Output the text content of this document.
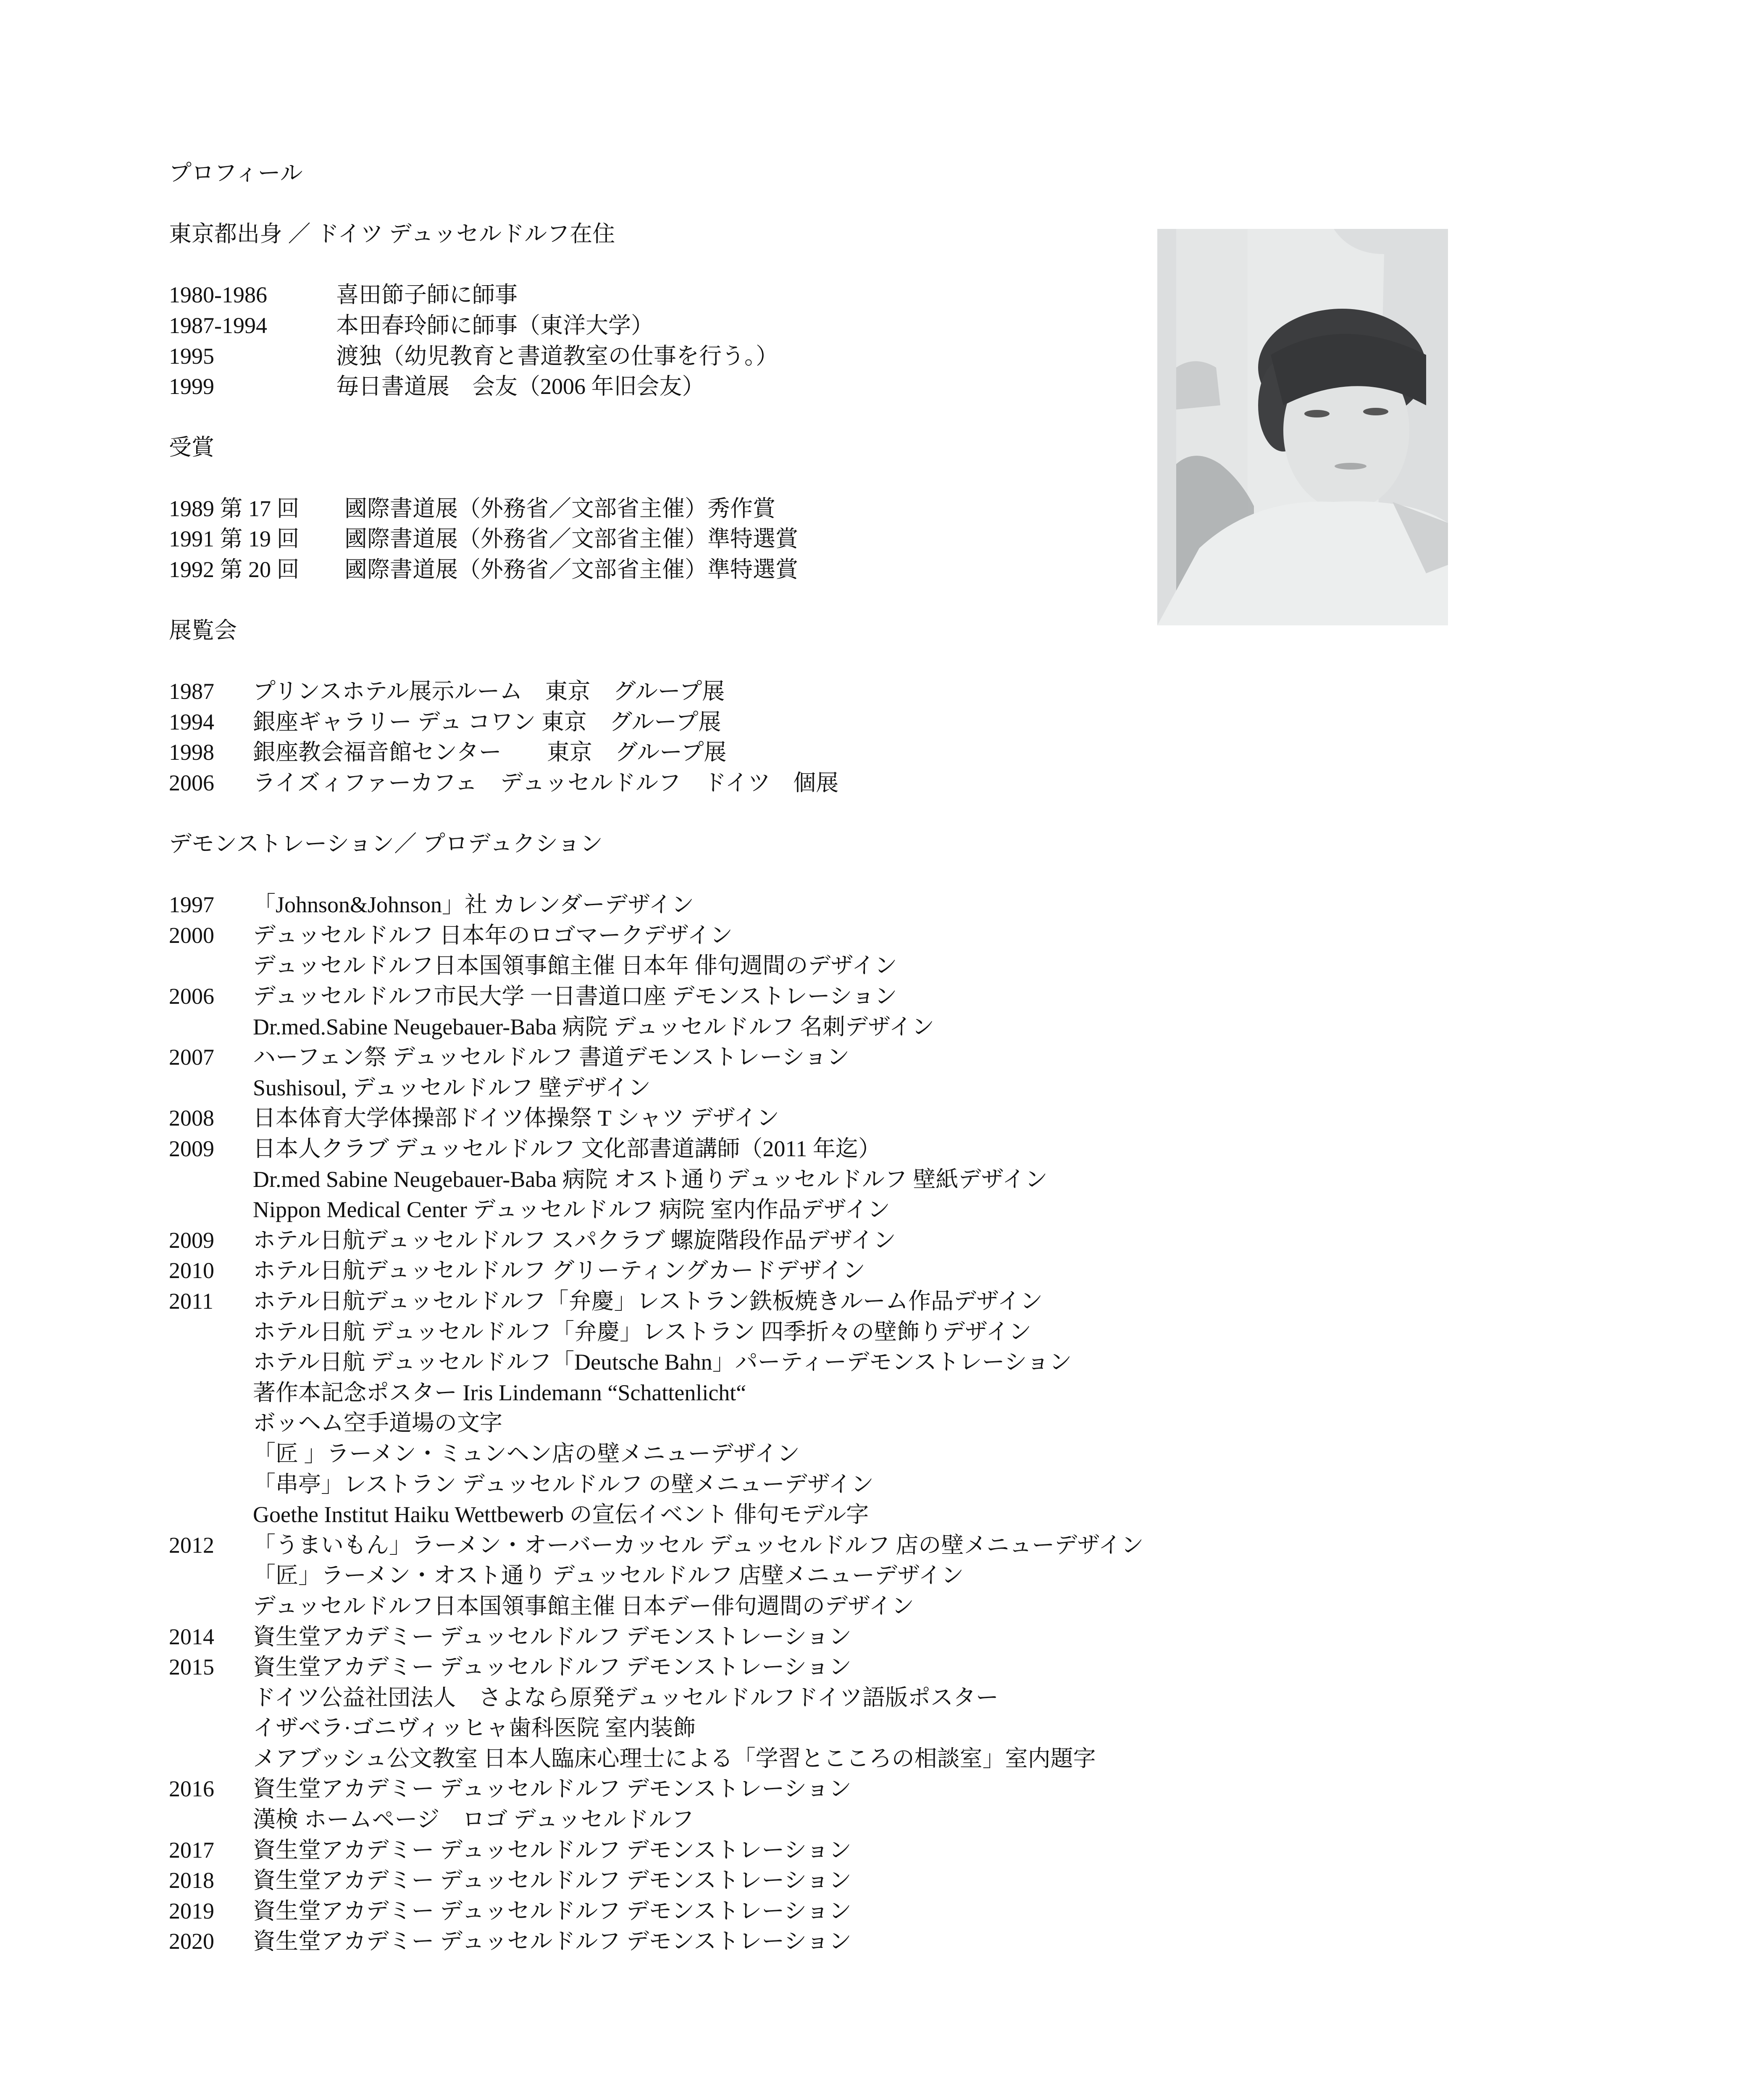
プロフィール
東京都出身 ／ ドイツ デュッセルドルフ在住
1980-1986	喜田節子師に師事
1987-1994	本田春玲師に師事（東洋大学）
1995	渡独（幼児教育と書道教室の仕事を行う。）
1999	毎日書道展　会友（2006 年旧会友）
受賞
1989 第 17 回 國際書道展（外務省／文部省主催）秀作賞
1991 第 19 回 國際書道展（外務省／文部省主催）準特選賞
1992 第 20 回 國際書道展（外務省／文部省主催）準特選賞
展覧会
1987 プリンスホテル展示ルーム　東京　グループ展
1994 銀座ギャラリー デュ コワン 東京　グループ展
1998 銀座教会福音館センター　　東京　グループ展
2006 ライズィファーカフェ　デュッセルドルフ　ドイツ　個展
デモンストレーション／ プロデュクション
1997 「Johnson&Johnson」社 カレンダーデザイン
2000 デュッセルドルフ 日本年のロゴマークデザイン
デュッセルドルフ日本国領事館主催 日本年 俳句週間のデザイン
2006 デュッセルドルフ市民大学 一日書道口座 デモンストレーション
Dr.med.Sabine Neugebauer-Baba 病院 デュッセルドルフ 名刺デザイン
2007 ハーフェン祭 デュッセルドルフ 書道デモンストレーション
Sushisoul, デュッセルドルフ 壁デザイン
2008 日本体育大学体操部ドイツ体操祭 T シャツ デザイン
2009 日本人クラブ デュッセルドルフ 文化部書道講師（2011 年迄）
Dr.med Sabine Neugebauer-Baba 病院 オスト通りデュッセルドルフ 壁紙デザイン
Nippon Medical Center デュッセルドルフ 病院 室内作品デザイン
2009 ホテル日航デュッセルドルフ スパクラブ 螺旋階段作品デザイン
2010 ホテル日航デュッセルドルフ グリーティングカードデザイン
2011 ホテル日航デュッセルドルフ「弁慶」レストラン鉄板焼きルーム作品デザイン
ホテル日航 デュッセルドルフ「弁慶」レストラン 四季折々の壁飾りデザイン
ホテル日航 デュッセルドルフ「Deutsche Bahn」パーティーデモンストレーション
著作本記念ポスター Iris Lindemann “Schattenlicht“
ボッヘム空手道場の文字
「匠 」ラーメン・ミュンヘン店の壁メニューデザイン
「串亭」レストラン デュッセルドルフ の壁メニューデザイン
Goethe Institut Haiku Wettbewerb の宣伝イベント 俳句モデル字
2012 「うまいもん」ラーメン・オーバーカッセル デュッセルドルフ 店の壁メニューデザイン
「匠」ラーメン・オスト通り デュッセルドルフ 店壁メニューデザイン
デュッセルドルフ日本国領事館主催 日本デー俳句週間のデザイン
2014 資生堂アカデミー デュッセルドルフ デモンストレーション
2015 資生堂アカデミー デュッセルドルフ デモンストレーション
ドイツ公益社団法人　さよなら原発デュッセルドルフドイツ語版ポスター
イザベラ·ゴニヴィッヒャ歯科医院 室内装飾
メアブッシュ公文教室 日本人臨床心理士による「学習とこころの相談室」室内題字
2016 資生堂アカデミー デュッセルドルフ デモンストレーション
漢検 ホームページ　ロゴ デュッセルドルフ
2017 資生堂アカデミー デュッセルドルフ デモンストレーション
2018 資生堂アカデミー デュッセルドルフ デモンストレーション
2019 資生堂アカデミー デュッセルドルフ デモンストレーション
2020 資生堂アカデミー デュッセルドルフ デモンストレーション
